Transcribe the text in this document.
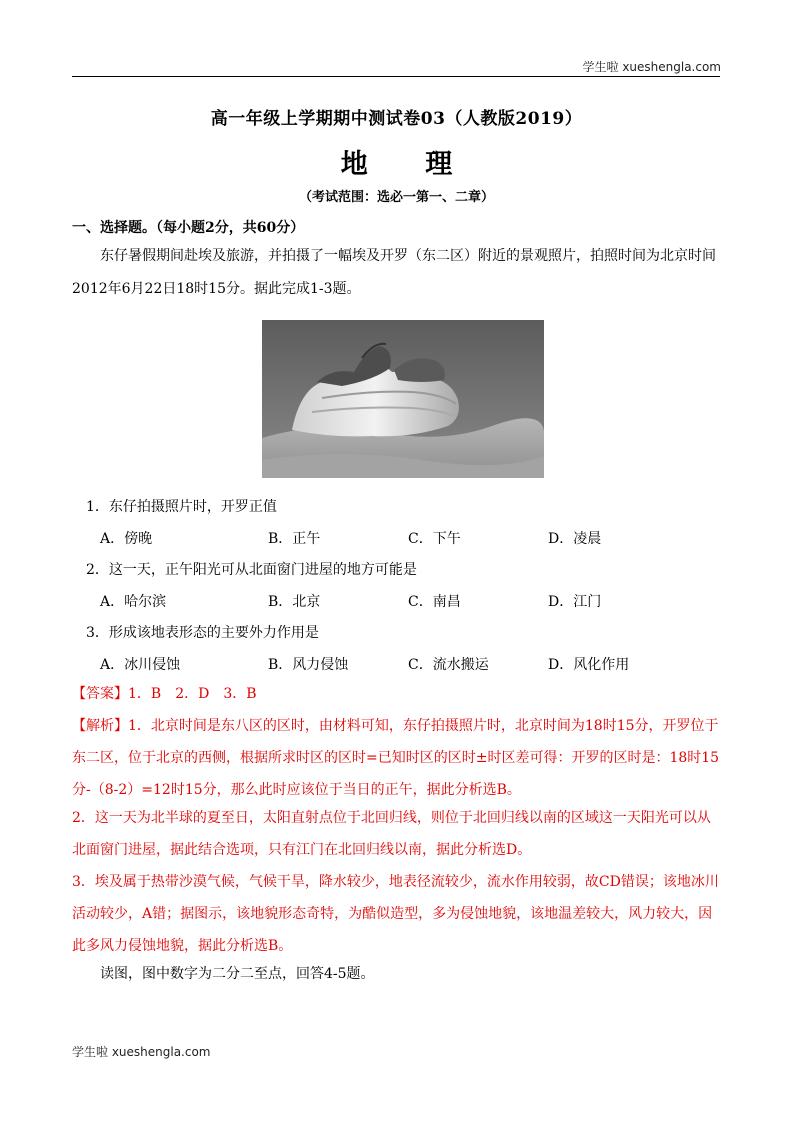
学生啦 xueshengla.com
高一年级上学期期中测试卷03（人教版2019）
地 理
（考试范围：选必一第一、二章）
一、选择题。（每小题2分，共60分）
东仔暑假期间赴埃及旅游，并拍摄了一幅埃及开罗（东二区）附近的景观照片，拍照时间为北京时间2012年6月22日18时15分。据此完成1-3题。
1．东仔拍摄照片时，开罗正值
A．傍晚	B．正午	C．下午	D．凌晨
2．这一天，正午阳光可从北面窗门进屋的地方可能是
A．哈尔滨	B．北京	C．南昌	D．江门
3．形成该地表形态的主要外力作用是
A．冰川侵蚀	B．风力侵蚀	C．流水搬运	D．风化作用
【答案】1．B　2．D　3．B
【解析】1．北京时间是东八区的区时，由材料可知，东仔拍摄照片时，北京时间为18时15分，开罗位于东二区，位于北京的西侧，根据所求时区的区时=已知时区的区时±时区差可得：开罗的区时是：18时15分-（8-2）=12时15分，那么此时应该位于当日的正午，据此分析选B。
2．这一天为北半球的夏至日，太阳直射点位于北回归线，则位于北回归线以南的区域这一天阳光可以从北面窗门进屋，据此结合选项，只有江门在北回归线以南，据此分析选D。
3．埃及属于热带沙漠气候，气候干旱，降水较少，地表径流较少，流水作用较弱，故CD错误；该地冰川活动较少，A错；据图示，该地貌形态奇特，为酷似造型，多为侵蚀地貌，该地温差较大，风力较大，因此多风力侵蚀地貌，据此分析选B。
读图，图中数字为二分二至点，回答4-5题。
学生啦 xueshengla.com
